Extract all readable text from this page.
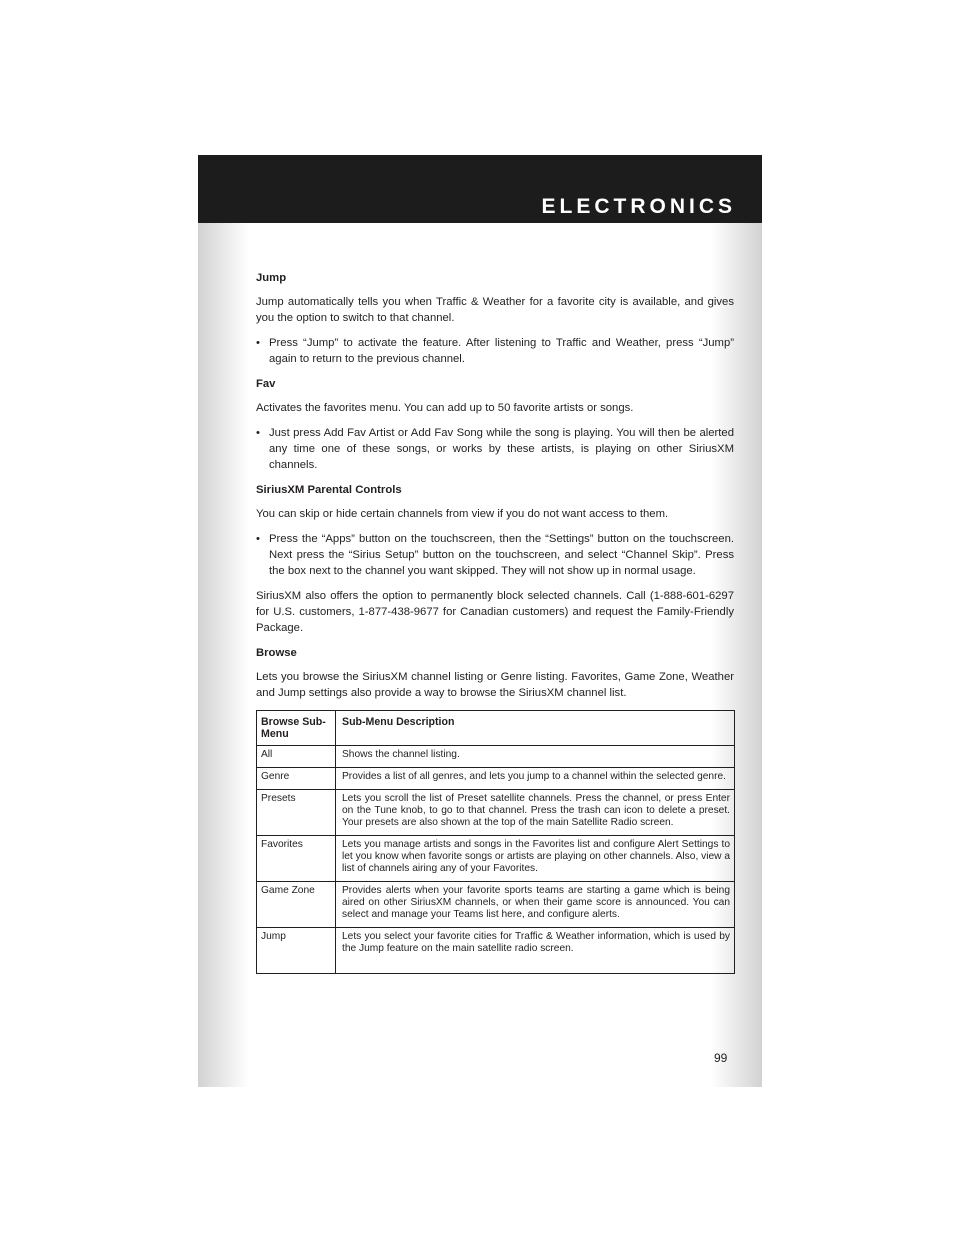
ELECTRONICS
Jump

Jump automatically tells you when Traffic & Weather for a favorite city is available, and gives you the option to switch to that channel.

• Press “Jump” to activate the feature. After listening to Traffic and Weather, press “Jump” again to return to the previous channel.
Fav

Activates the favorites menu. You can add up to 50 favorite artists or songs.

• Just press Add Fav Artist or Add Fav Song while the song is playing. You will then be alerted any time one of these songs, or works by these artists, is playing on other SiriusXM channels.
SiriusXM Parental Controls

You can skip or hide certain channels from view if you do not want access to them.

• Press the “Apps” button on the touchscreen, then the “Settings” button on the touchscreen. Next press the “Sirius Setup” button on the touchscreen, and select “Channel Skip”. Press the box next to the channel you want skipped. They will not show up in normal usage.

SiriusXM also offers the option to permanently block selected channels. Call (1-888-601-6297 for U.S. customers, 1-877-438-9677 for Canadian customers) and request the Family-Friendly Package.

Browse

Lets you browse the SiriusXM channel listing or Genre listing. Favorites, Game Zone, Weather and Jump settings also provide a way to browse the SiriusXM channel list.

Browse Sub-Menu	Sub-Menu Description
All	Shows the channel listing.
Genre	Provides a list of all genres, and lets you jump to a channel within the selected genre.
Presets	Lets you scroll the list of Preset satellite channels. Press the channel, or press Enter on the Tune knob, to go to that channel. Press the trash can icon to delete a preset. Your presets are also shown at the top of the main Satellite Radio screen.
Favorites	Lets you manage artists and songs in the Favorites list and configure Alert Settings to let you know when favorite songs or artists are playing on other channels. Also, view a list of channels airing any of your Favorites.
Game Zone	Provides alerts when your favorite sports teams are starting a game which is being aired on other SiriusXM channels, or when their game score is announced. You can select and manage your Teams list here, and configure alerts.
Jump	Lets you select your favorite cities for Traffic & Weather information, which is used by the Jump feature on the main satellite radio screen.
99
